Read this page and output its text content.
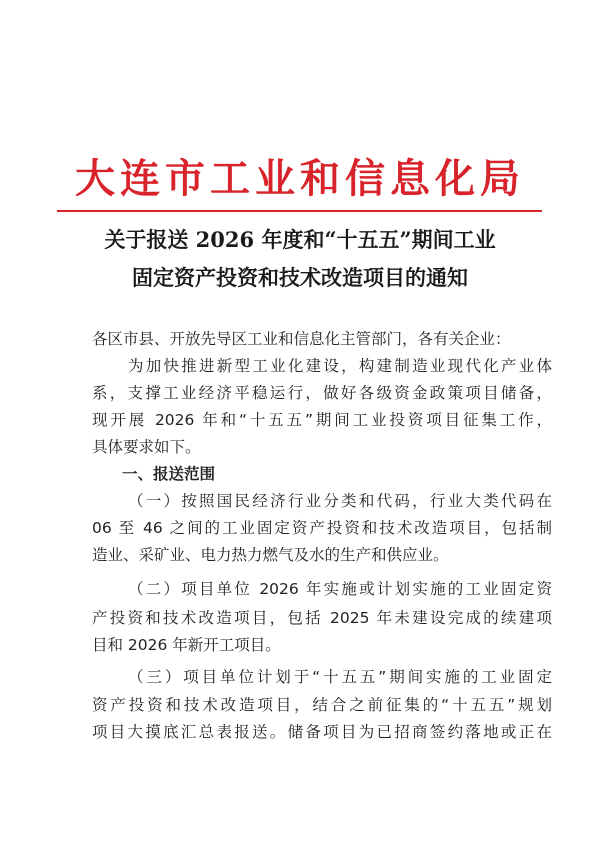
大连市工业和信息化局
关于报送 2026 年度和“十五五”期间工业
固定资产投资和技术改造项目的通知
各区市县、开放先导区工业和信息化主管部门，各有关企业：
为加快推进新型工业化建设，构建制造业现代化产业体
系，支撑工业经济平稳运行，做好各级资金政策项目储备，
现开展 2026 年和“十五五”期间工业投资项目征集工作，
具体要求如下。
一、报送范围
（一）按照国民经济行业分类和代码，行业大类代码在
06 至 46 之间的工业固定资产投资和技术改造项目，包括制
造业、采矿业、电力热力燃气及水的生产和供应业。
（二）项目单位 2026 年实施或计划实施的工业固定资
产投资和技术改造项目，包括 2025 年未建设完成的续建项
目和 2026 年新开工项目。
（三）项目单位计划于“十五五”期间实施的工业固定
资产投资和技术改造项目，结合之前征集的“十五五”规划
项目大摸底汇总表报送。储备项目为已招商签约落地或正在
